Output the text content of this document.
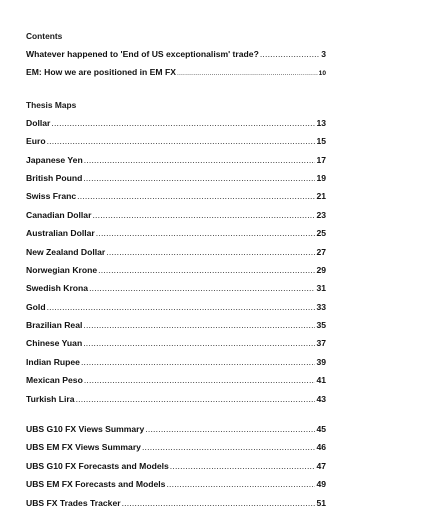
Contents
Whatever happened to 'End of US exceptionalism' trade? .....	3
EM: How we are positioned in EM FX .....	10
Thesis Maps
Dollar .....	13
Euro .....	15
Japanese Yen .....	17
British Pound .....	19
Swiss Franc .....	21
Canadian Dollar .....	23
Australian Dollar .....	25
New Zealand Dollar .....	27
Norwegian Krone .....	29
Swedish Krona .....	31
Gold .....	33
Brazilian Real .....	35
Chinese Yuan .....	37
Indian Rupee .....	39
Mexican Peso .....	41
Turkish Lira .....	43
UBS G10 FX Views Summary .....	45
UBS EM FX Views Summary .....	46
UBS G10 FX Forecasts and Models .....	47
UBS EM FX Forecasts and Models .....	49
UBS FX Trades Tracker .....	51
